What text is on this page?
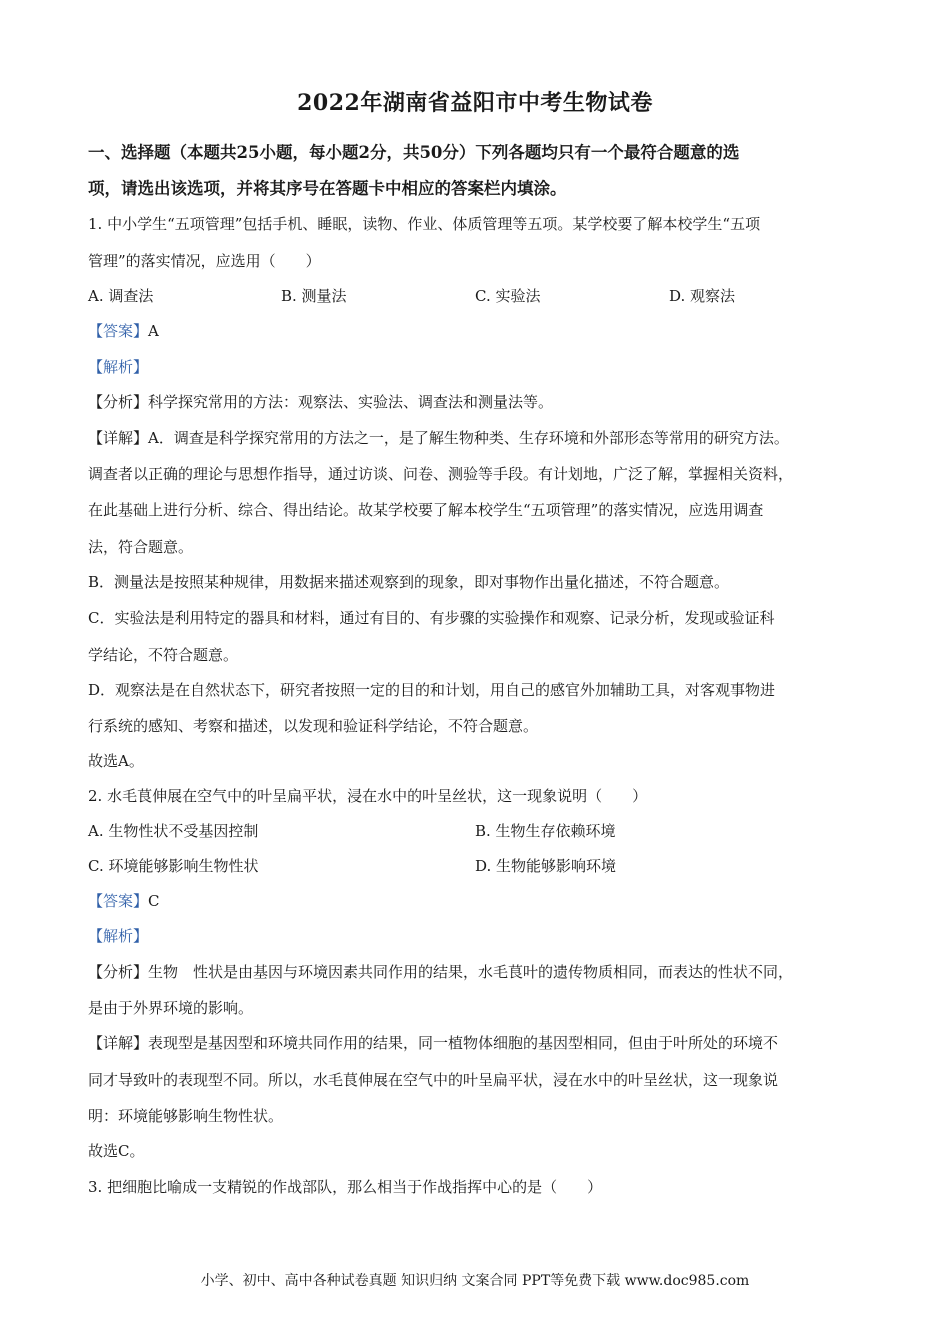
2022年湖南省益阳市中考生物试卷
一、选择题（本题共25小题，每小题2分，共50分）下列各题均只有一个最符合题意的选
项，请选出该选项，并将其序号在答题卡中相应的答案栏内填涂。
1. 中小学生“五项管理”包括手机、睡眠，读物、作业、体质管理等五项。某学校要了解本校学生“五项
管理”的落实情况，应选用（　　）
A. 调查法	B. 测量法	C. 实验法	D. 观察法
【答案】A
【解析】
【分析】科学探究常用的方法：观察法、实验法、调查法和测量法等。
【详解】A．调查是科学探究常用的方法之一，是了解生物种类、生存环境和外部形态等常用的研究方法。
调查者以正确的理论与思想作指导，通过访谈、问卷、测验等手段。有计划地，广泛了解，掌握相关资料，
在此基础上进行分析、综合、得出结论。故某学校要了解本校学生“五项管理”的落实情况，应选用调查
法，符合题意。
B．测量法是按照某种规律，用数据来描述观察到的现象，即对事物作出量化描述，不符合题意。
C．实验法是利用特定的器具和材料，通过有目的、有步骤的实验操作和观察、记录分析，发现或验证科
学结论，不符合题意。
D．观察法是在自然状态下，研究者按照一定的目的和计划，用自己的感官外加辅助工具，对客观事物进
行系统的感知、考察和描述，以发现和验证科学结论，不符合题意。
故选A。
2. 水毛茛伸展在空气中的叶呈扁平状，浸在水中的叶呈丝状，这一现象说明（　　）
A. 生物性状不受基因控制	B. 生物生存依赖环境
C. 环境能够影响生物性状	D. 生物能够影响环境
【答案】C
【解析】
【分析】生物　性状是由基因与环境因素共同作用的结果，水毛茛叶的遗传物质相同，而表达的性状不同，
是由于外界环境的影响。
【详解】表现型是基因型和环境共同作用的结果，同一植物体细胞的基因型相同，但由于叶所处的环境不
同才导致叶的表现型不同。所以，水毛茛伸展在空气中的叶呈扁平状，浸在水中的叶呈丝状，这一现象说
明：环境能够影响生物性状。
故选C。
3. 把细胞比喻成一支精锐的作战部队，那么相当于作战指挥中心的是（　　）
小学、初中、高中各种试卷真题 知识归纳 文案合同 PPT等免费下载 www.doc985.com
